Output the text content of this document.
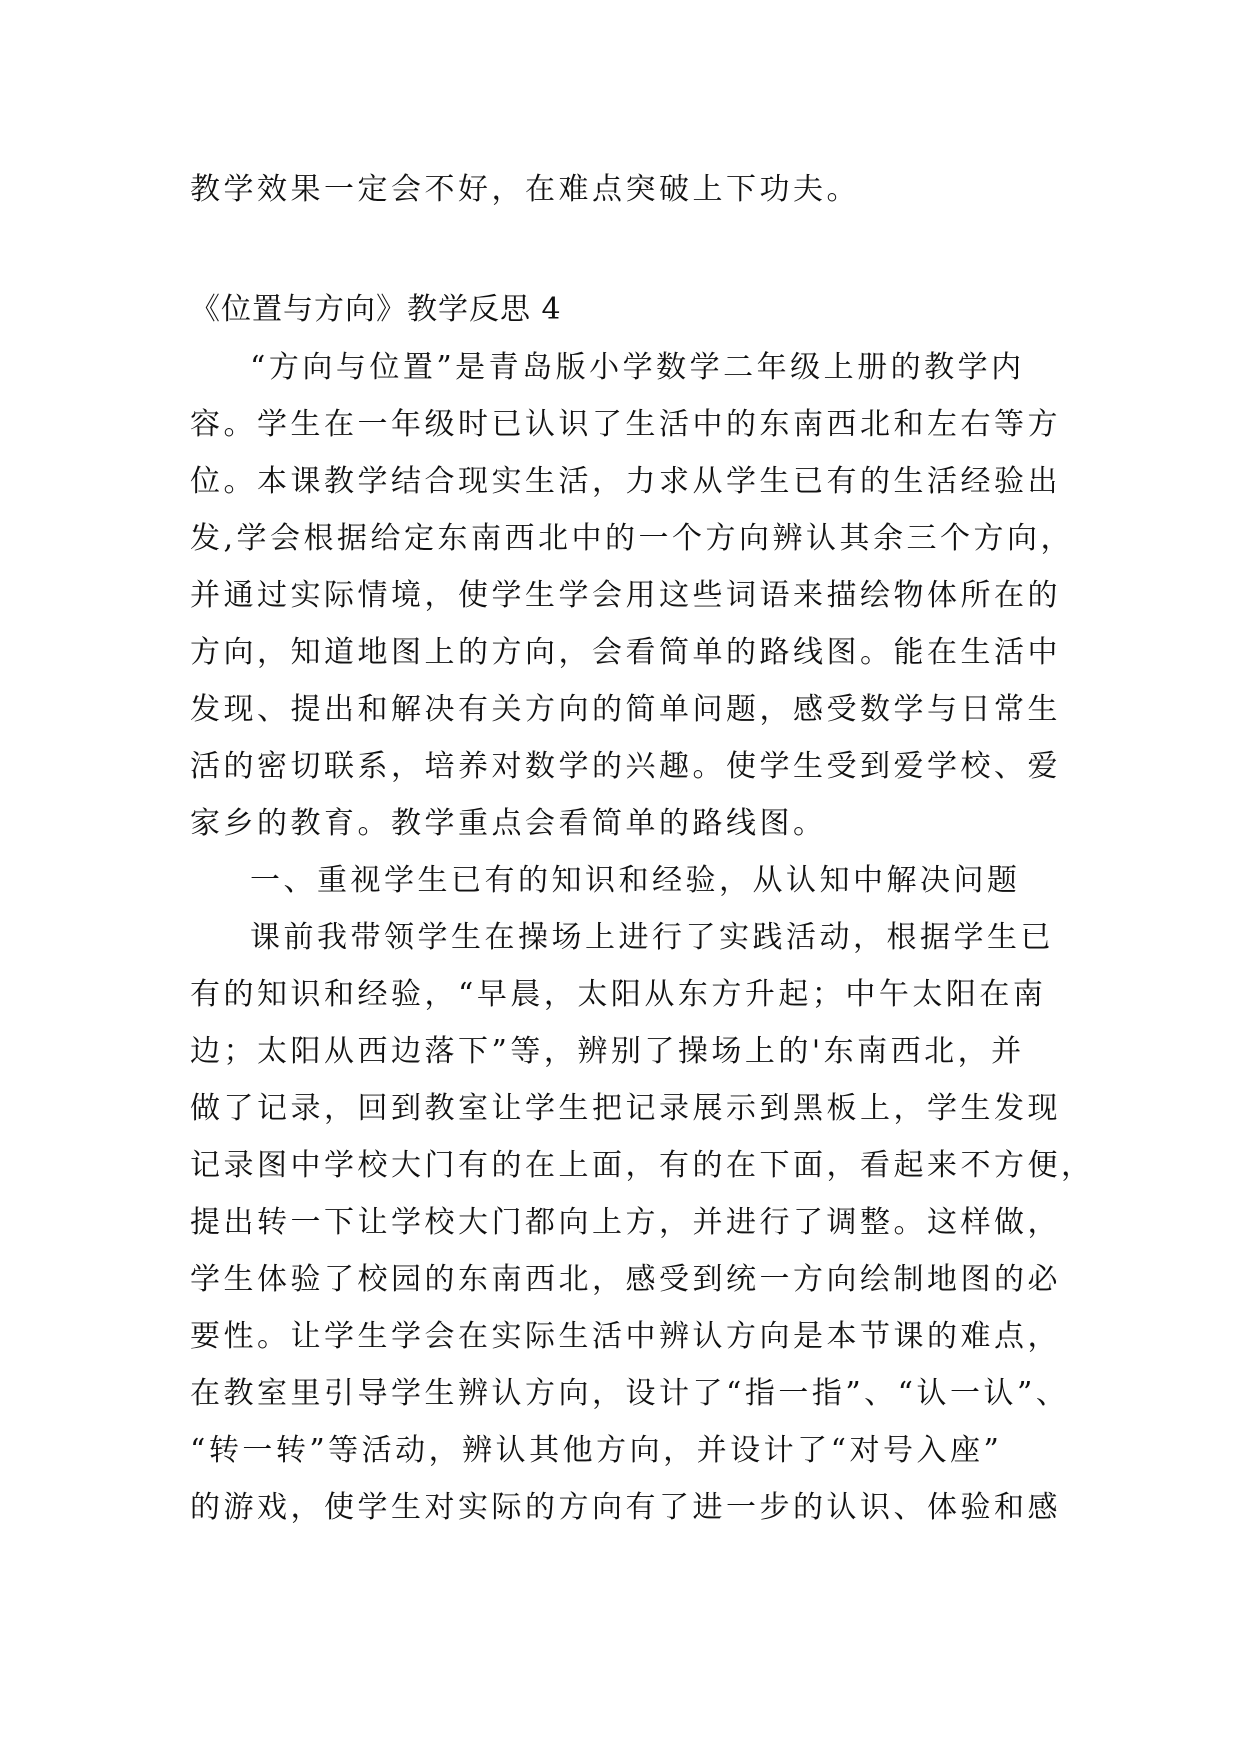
教学效果一定会不好，在难点突破上下功夫。

《位置与方向》教学反思 4

“方向与位置”是青岛版小学数学二年级上册的教学内

容。学生在一年级时已认识了生活中的东南西北和左右等方

位。本课教学结合现实生活，力求从学生已有的生活经验出

发,学会根据给定东南西北中的一个方向辨认其余三个方向，

并通过实际情境，使学生学会用这些词语来描绘物体所在的

方向，知道地图上的方向，会看简单的路线图。能在生活中

发现、提出和解决有关方向的简单问题，感受数学与日常生

活的密切联系，培养对数学的兴趣。使学生受到爱学校、爱

家乡的教育。教学重点会看简单的路线图。

一、重视学生已有的知识和经验，从认知中解决问题

课前我带领学生在操场上进行了实践活动，根据学生已

有的知识和经验，“早晨，太阳从东方升起；中午太阳在南

边；太阳从西边落下”等，辨别了操场上的'东南西北，并

做了记录，回到教室让学生把记录展示到黑板上，学生发现

记录图中学校大门有的在上面，有的在下面，看起来不方便，

提出转一下让学校大门都向上方，并进行了调整。这样做，

学生体验了校园的东南西北，感受到统一方向绘制地图的必

要性。让学生学会在实际生活中辨认方向是本节课的难点，

在教室里引导学生辨认方向，设计了“指一指”、“认一认”、

“转一转”等活动，辨认其他方向，并设计了“对号入座”

的游戏，使学生对实际的方向有了进一步的认识、体验和感
